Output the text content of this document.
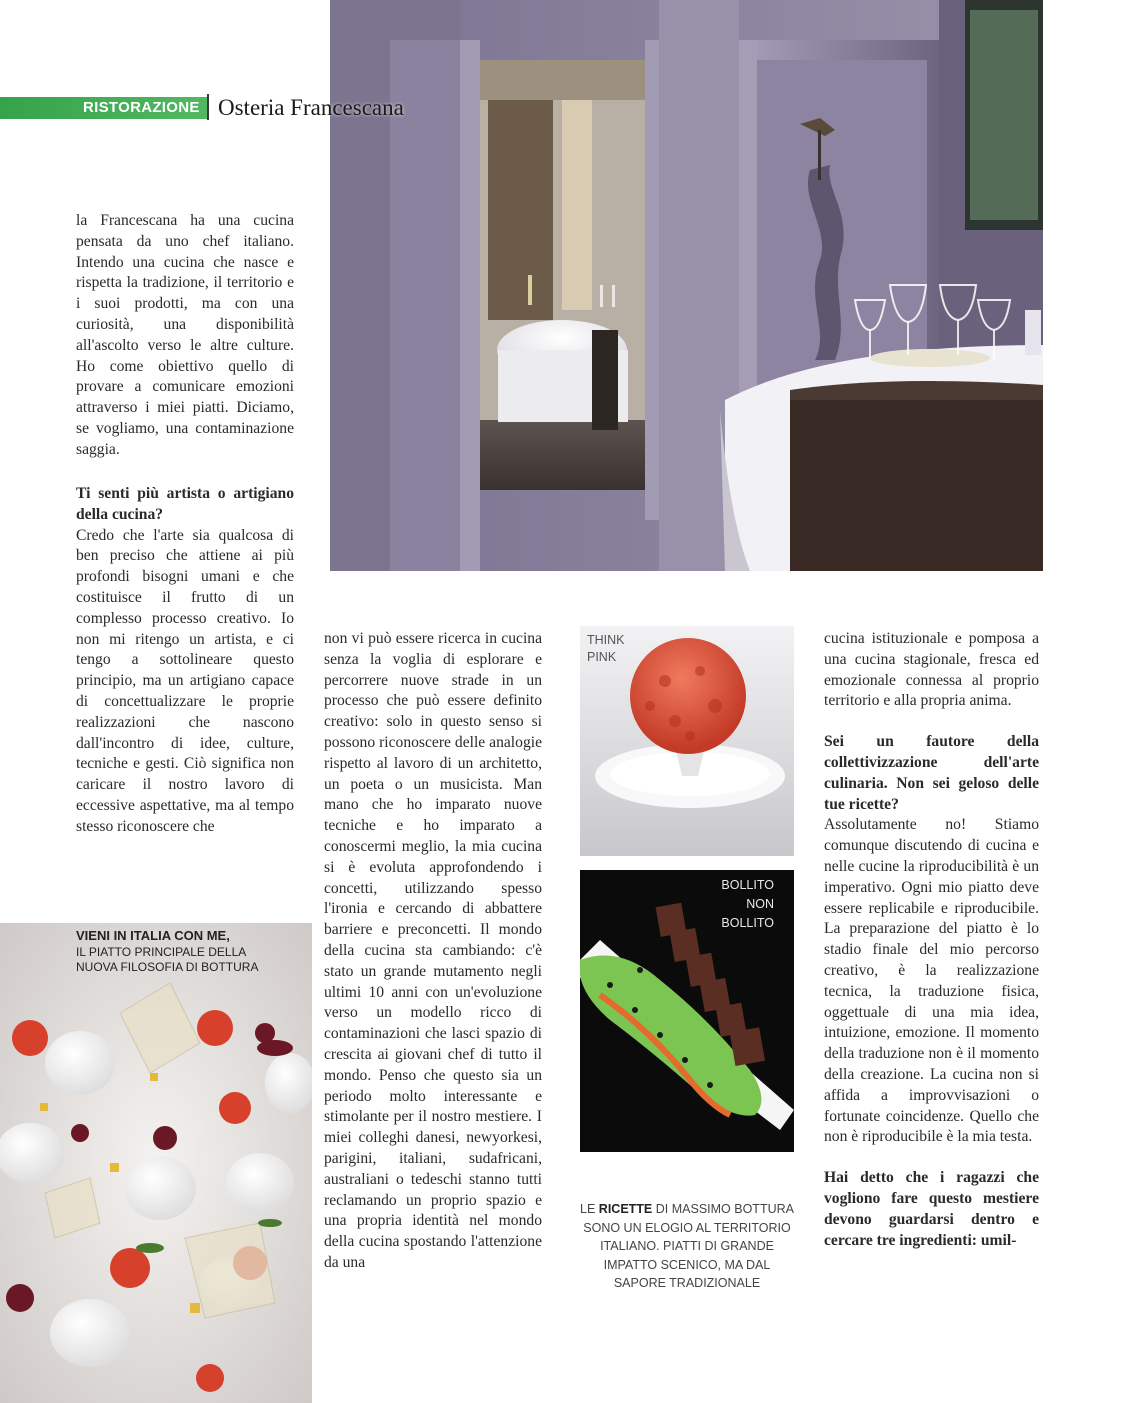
RISTORAZIONE Osteria Francescana

la Francescana ha una cucina pensata da uno chef italiano. Intendo una cucina che nasce e rispetta la tradizione, il territorio e i suoi prodotti, ma con una curiosità, una disponibilità all'ascolto verso le altre culture. Ho come obiettivo quello di provare a comunicare emozioni attraverso i miei piatti. Diciamo, se vogliamo, una contaminazione saggia.

Ti senti più artista o artigiano della cucina?

Credo che l'arte sia qualcosa di ben preciso che attiene ai più profondi bisogni umani e che costituisce il frutto di un complesso processo creativo. Io non mi ritengo un artista, e ci tengo a sottolineare questo principio, ma un artigiano capace di concettualizzare le proprie realizzazioni che nascono dall'incontro di idee, culture, tecniche e gesti. Ciò significa non caricare il nostro lavoro di eccessive aspettative, ma al tempo stesso riconoscere che

non vi può essere ricerca in cucina senza la voglia di esplorare e percorrere nuove strade in un processo che può essere definito creativo: solo in questo senso si possono riconoscere delle analogie rispetto al lavoro di un architetto, un poeta o un musicista. Man mano che ho imparato nuove tecniche e ho imparato a conoscermi meglio, la mia cucina si è evoluta approfondendo i concetti, utilizzando spesso l'ironia e cercando di abbattere barriere e preconcetti. Il mondo della cucina sta cambiando: c'è stato un grande mutamento negli ultimi 10 anni con un'evoluzione verso un modello ricco di contaminazioni che lasci spazio di crescita ai giovani chef di tutto il mondo. Penso che questo sia un periodo molto interessante e stimolante per il nostro mestiere. I miei colleghi danesi, newyorkesi, parigini, italiani, sudafricani, australiani o tedeschi stanno tutti reclamando un proprio spazio e una propria identità nel mondo della cucina spostando l'attenzione da una

THINK
PINK
BOLLITO
NON
BOLLITO
LE RICETTE DI MASSIMO BOTTURA SONO UN ELOGIO AL TERRITORIO ITALIANO. PIATTI DI GRANDE IMPATTO SCENICO, MA DAL SAPORE TRADIZIONALE
VIENI IN ITALIA CON ME,
IL PIATTO PRINCIPALE DELLA
NUOVA FILOSOFIA DI BOTTURA

cucina istituzionale e pomposa a una cucina stagionale, fresca ed emozionale connessa al proprio territorio e alla propria anima.

Sei un fautore della collettivizzazione dell'arte culinaria. Non sei geloso delle tue ricette?

Assolutamente no! Stiamo comunque discutendo di cucina e nelle cucine la riproducibilità è un imperativo. Ogni mio piatto deve essere replicabile e riproducibile. La preparazione del piatto è lo stadio finale del mio percorso creativo, è la realizzazione tecnica, la traduzione fisica, oggettuale di una mia idea, intuizione, emozione. Il momento della traduzione non è il momento della creazione. La cucina non si affida a improvvisazioni o fortunate coincidenze. Quello che non è riproducibile è la mia testa.

Hai detto che i ragazzi che vogliono fare questo mestiere devono guardarsi dentro e cercare tre ingredienti: umil-
